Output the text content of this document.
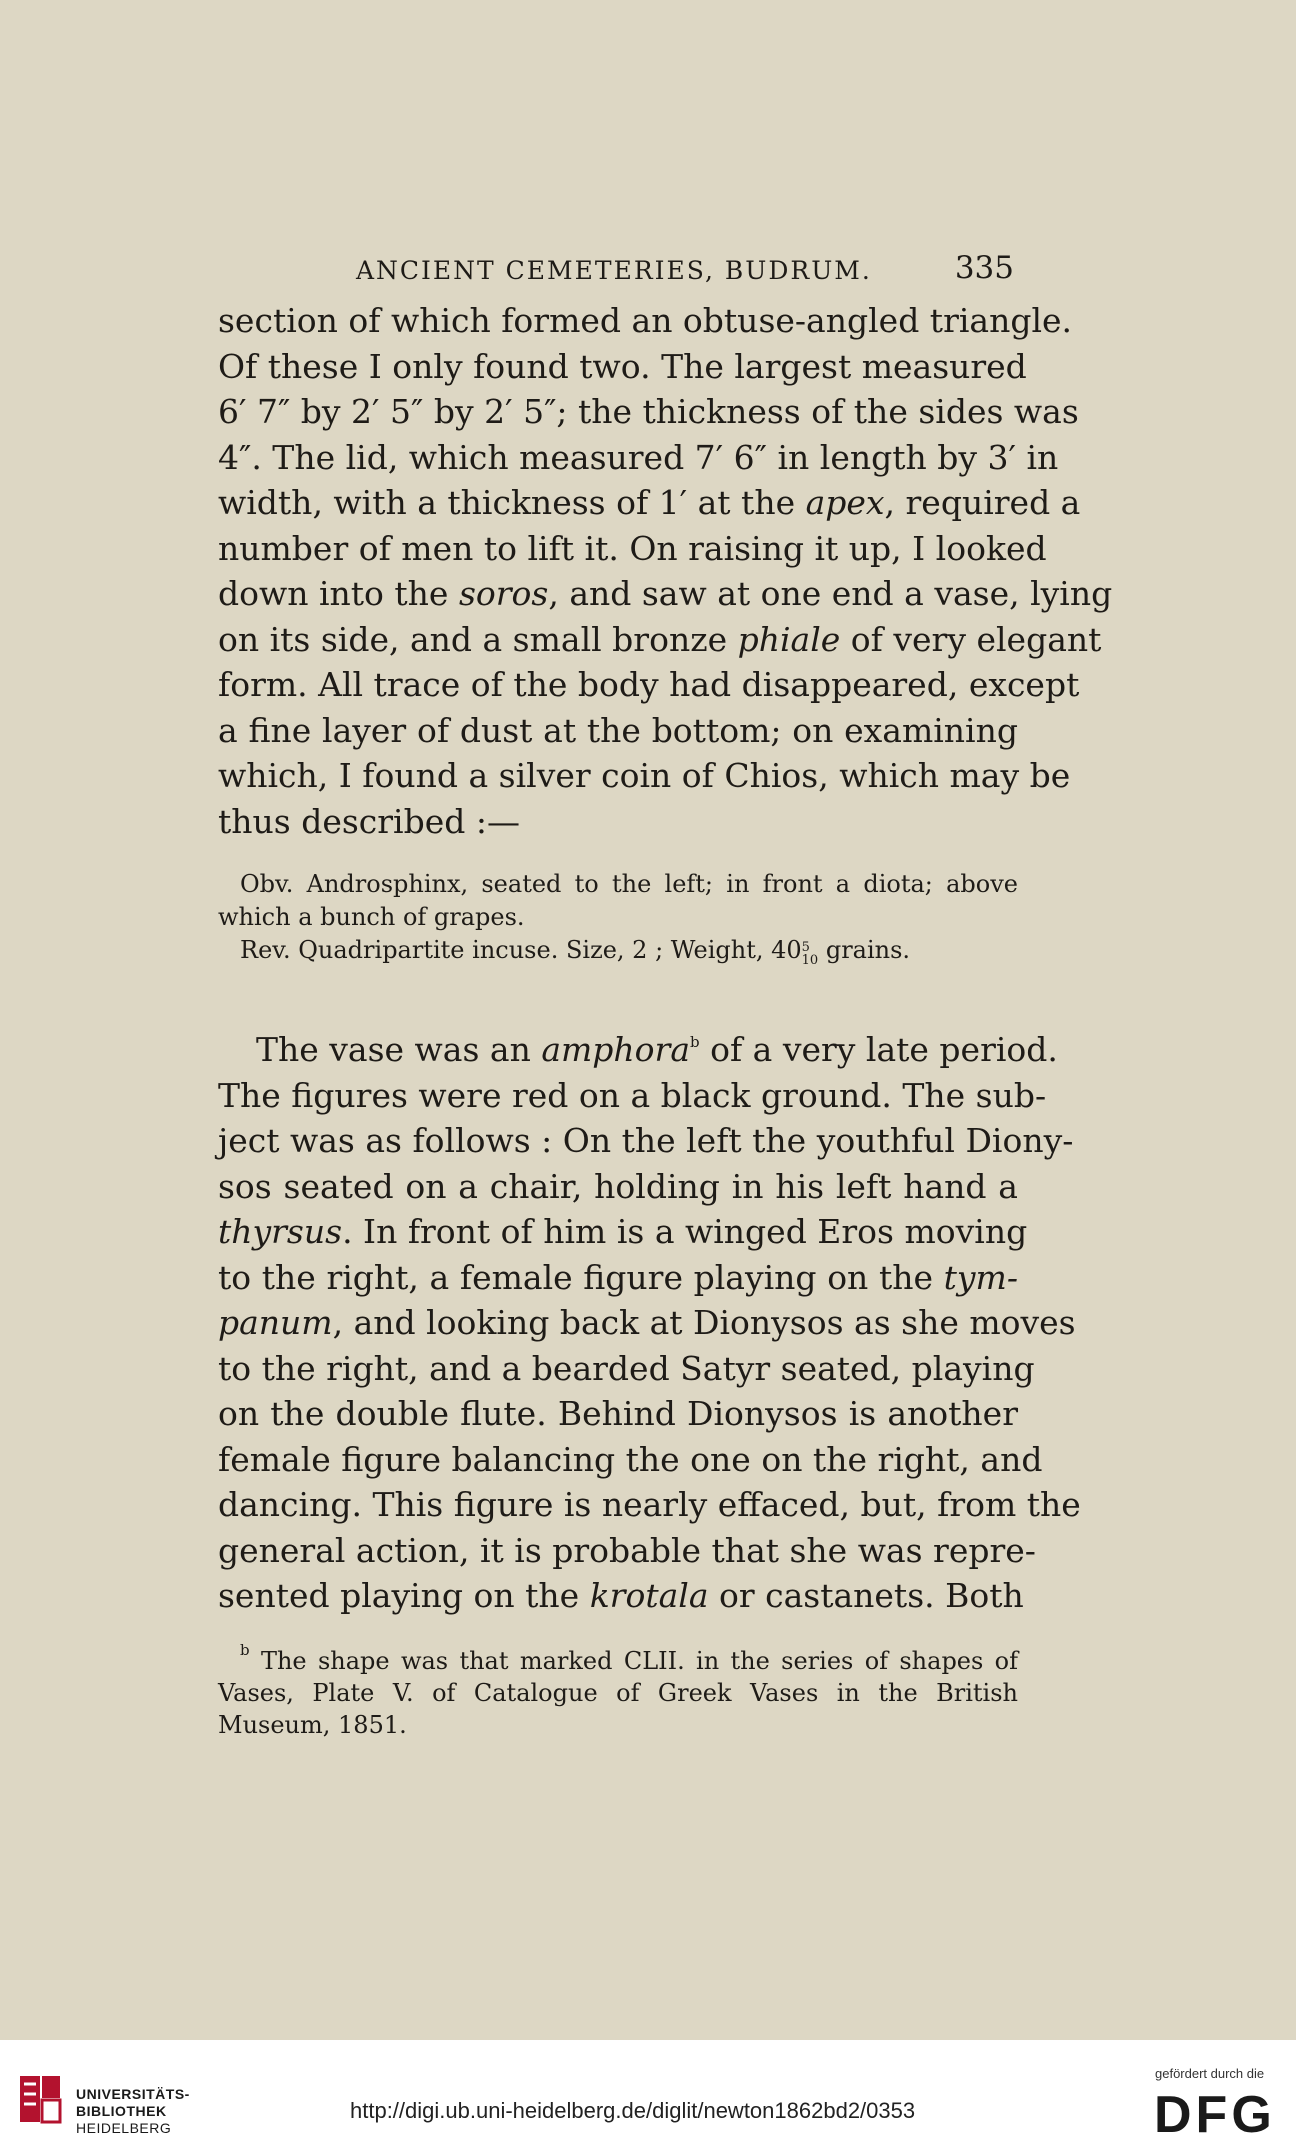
ANCIENT CEMETERIES, BUDRUM.	335
section of which formed an obtuse-angled triangle.
Of these I only found two. The largest measured
6′ 7″ by 2′ 5″ by 2′ 5″; the thickness of the sides was
4″. The lid, which measured 7′ 6″ in length by 3′ in
width, with a thickness of 1′ at the apex, required a
number of men to lift it. On raising it up, I looked
down into the soros, and saw at one end a vase, lying
on its side, and a small bronze phiale of very elegant
form. All trace of the body had disappeared, except
a fine layer of dust at the bottom; on examining
which, I found a silver coin of Chios, which may be
thus described :—
Obv. Androsphinx, seated to the left; in front a diota; above
which a bunch of grapes.
Rev. Quadripartite incuse. Size, 2 ; Weight, 40 5
10 grains.
The vase was an amphora$^b$ of a very late period.
The figures were red on a black ground. The sub-
ject was as follows : On the left the youthful Diony-
sos seated on a chair, holding in his left hand a
thyrsus. In front of him is a winged Eros moving
to the right, a female figure playing on the tym-
panum, and looking back at Dionysos as she moves
to the right, and a bearded Satyr seated, playing
on the double flute. Behind Dionysos is another
female figure balancing the one on the right, and
dancing. This figure is nearly effaced, but, from the
general action, it is probable that she was repre-
sented playing on the krotala or castanets. Both
$^b$ The shape was that marked CLII. in the series of shapes of
Vases, Plate V. of Catalogue of Greek Vases in the British
Museum, 1851.
UNIVERSITÄTS-
BIBLIOTHEK
HEIDELBERG
http://digi.ub.uni-heidelberg.de/diglit/newton1862bd2/0353
gefördert durch die
DFG
